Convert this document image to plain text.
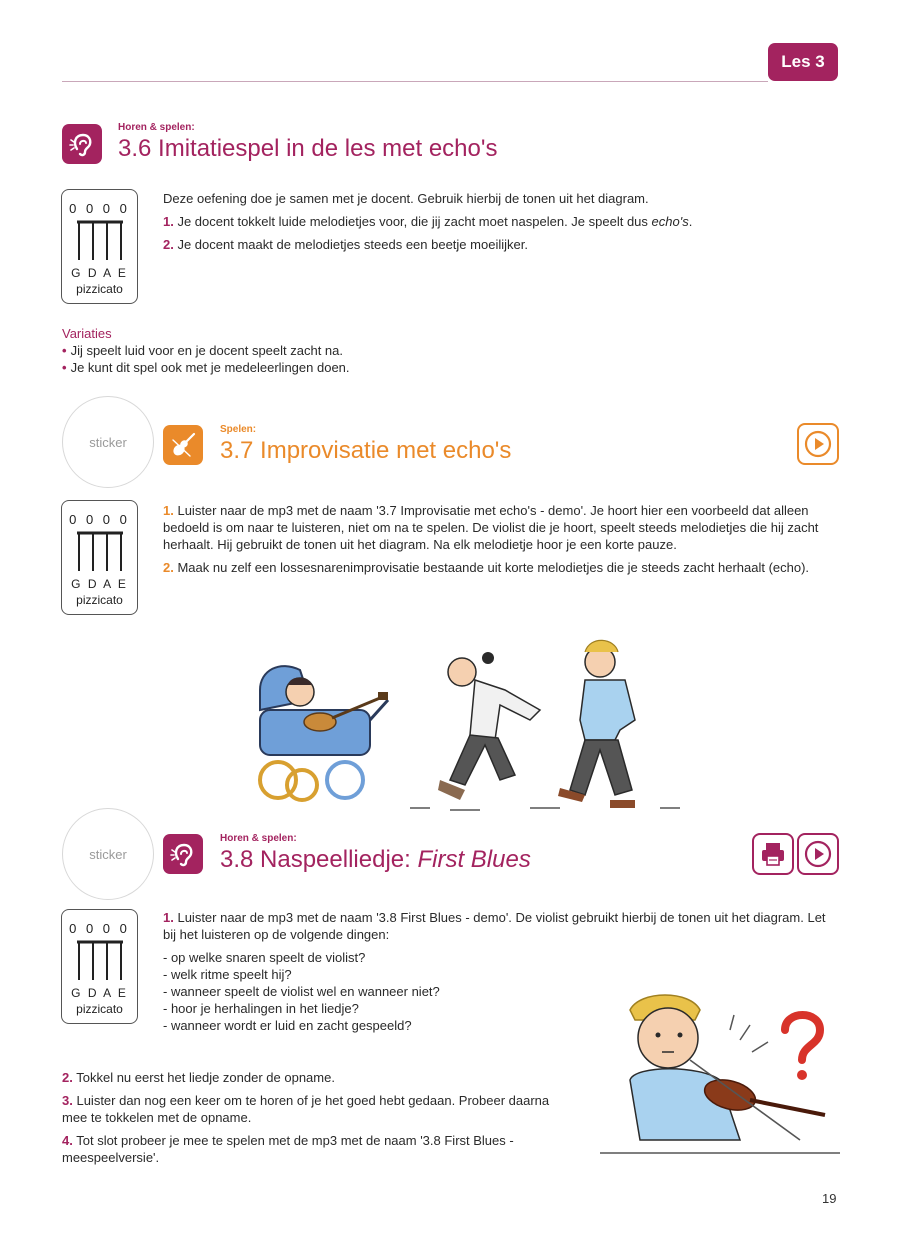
Les 3
Horen & spelen:
3.6 Imitatiespel in de les met echo's
0 0 0 0
G D A E
pizzicato
Deze oefening doe je samen met je docent. Gebruik hierbij de tonen uit het diagram.
1. Je docent tokkelt luide melodietjes voor, die jij zacht moet naspelen. Je speelt dus echo's.
2. Je docent maakt de melodietjes steeds een beetje moeilijker.
Variaties
• Jij speelt luid voor en je docent speelt zacht na.
• Je kunt dit spel ook met je medeleerlingen doen.
sticker
Spelen:
3.7 Improvisatie met echo's
0 0 0 0
G D A E
pizzicato
1. Luister naar de mp3 met de naam '3.7 Improvisatie met echo's - demo'. Je hoort hier een voorbeeld dat alleen bedoeld is om naar te luisteren, niet om na te spelen. De violist die je hoort, speelt steeds melodietjes die hij zacht herhaalt. Hij gebruikt de tonen uit het diagram. Na elk melodietje hoor je een korte pauze.
2. Maak nu zelf een lossesnarenimprovisatie bestaande uit korte melodietjes die je steeds zacht herhaalt (echo).
sticker
Horen & spelen:
3.8 Naspeelliedje: First Blues
0 0 0 0
G D A E
pizzicato
1. Luister naar de mp3 met de naam '3.8 First Blues - demo'. De violist gebruikt hierbij de tonen uit het diagram. Let bij het luisteren op de volgende dingen:
- op welke snaren speelt de violist?
- welk ritme speelt hij?
- wanneer speelt de violist wel en wanneer niet?
- hoor je herhalingen in het liedje?
- wanneer wordt er luid en zacht gespeeld?
2. Tokkel nu eerst het liedje zonder de opname.
3. Luister dan nog een keer om te horen of je het goed hebt gedaan. Probeer daarna mee te tokkelen met de opname.
4. Tot slot probeer je mee te spelen met de mp3 met de naam '3.8 First Blues - meespeelversie'.
19
